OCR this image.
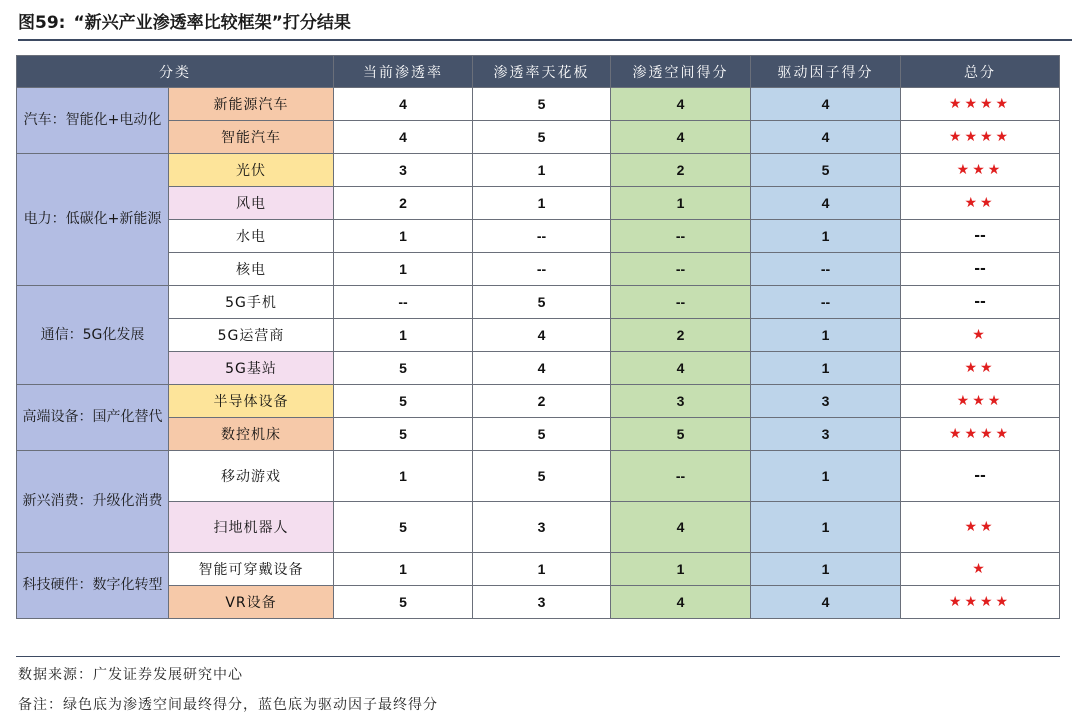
图59: “新兴产业渗透率比较框架”打分结果
分类		当前渗透率	渗透率天花板	渗透空间得分	驱动因子得分	总分
汽车：智能化+电动化	新能源汽车	4	5	4	4	★★★★
	智能汽车	4	5	4	4	★★★★
电力：低碳化+新能源	光伏	3	1	2	5	★★★
	风电	2	1	1	4	★★
	水电	1	--	--	1	--
	核电	1	--	--	--	--
通信：5G化发展	5G手机	--	5	--	--	--
	5G运营商	1	4	2	1	★
	5G基站	5	4	4	1	★★
高端设备：国产化替代	半导体设备	5	2	3	3	★★★
	数控机床	5	5	5	3	★★★★
新兴消费：升级化消费	移动游戏	1	5	--	1	--
	扫地机器人	5	3	4	1	★★
科技硬件：数字化转型	智能可穿戴设备	1	1	1	1	★
	VR设备	5	3	4	4	★★★★
数据来源：广发证券发展研究中心
备注：绿色底为渗透空间最终得分，蓝色底为驱动因子最终得分
